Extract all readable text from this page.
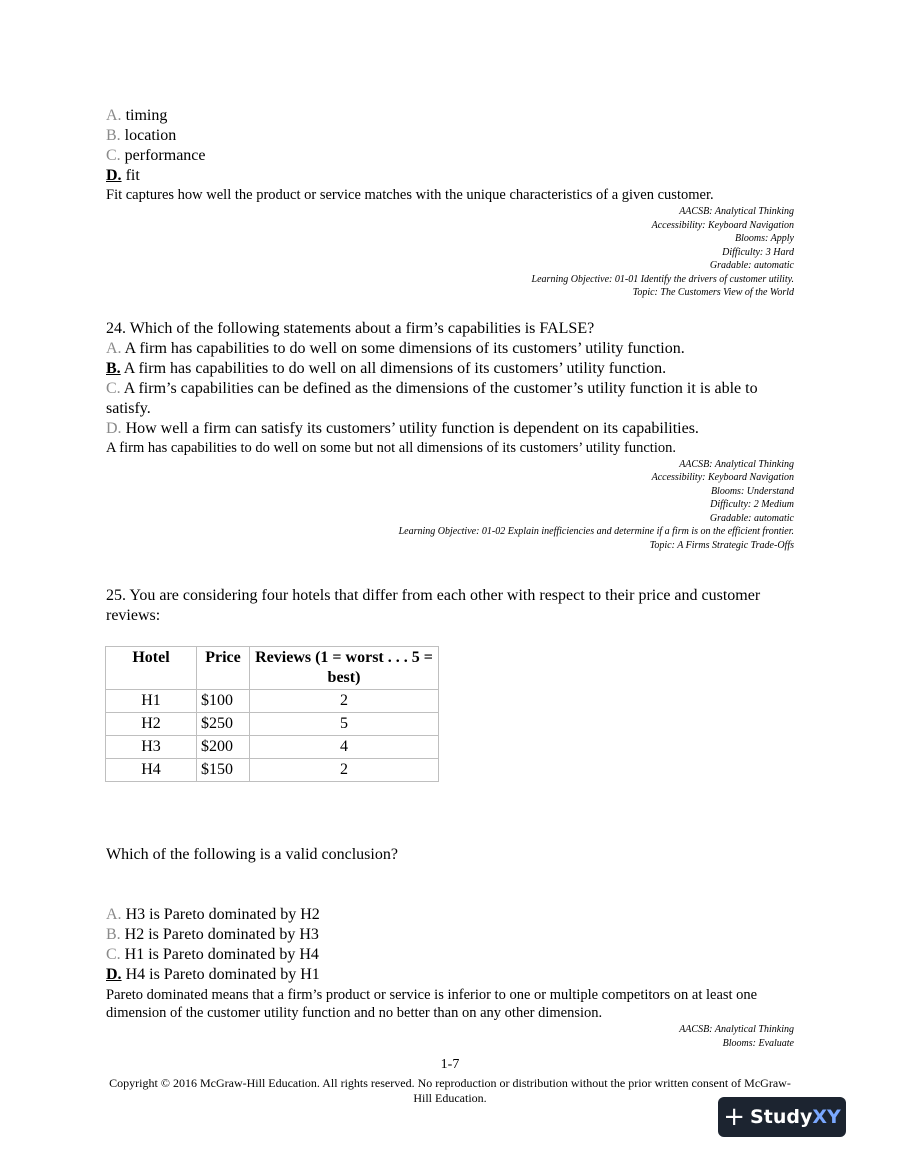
A. timing
B. location
C. performance
D. fit
Fit captures how well the product or service matches with the unique characteristics of a given customer.
AACSB: Analytical Thinking
Accessibility: Keyboard Navigation
Blooms: Apply
Difficulty: 3 Hard
Gradable: automatic
Learning Objective: 01-01 Identify the drivers of customer utility.
Topic: The Customers View of the World
24. Which of the following statements about a firm’s capabilities is FALSE?
A. A firm has capabilities to do well on some dimensions of its customers’ utility function.
B. A firm has capabilities to do well on all dimensions of its customers’ utility function.
C. A firm’s capabilities can be defined as the dimensions of the customer’s utility function it is able to satisfy.
D. How well a firm can satisfy its customers’ utility function is dependent on its capabilities.
A firm has capabilities to do well on some but not all dimensions of its customers’ utility function.
AACSB: Analytical Thinking
Accessibility: Keyboard Navigation
Blooms: Understand
Difficulty: 2 Medium
Gradable: automatic
Learning Objective: 01-02 Explain inefficiencies and determine if a firm is on the efficient frontier.
Topic: A Firms Strategic Trade-Offs
25. You are considering four hotels that differ from each other with respect to their price and customer reviews:
Hotel	Price	Reviews (1 = worst . . . 5 = best)
H1	$100	2
H2	$250	5
H3	$200	4
H4	$150	2
Which of the following is a valid conclusion?
A. H3 is Pareto dominated by H2
B. H2 is Pareto dominated by H3
C. H1 is Pareto dominated by H4
D. H4 is Pareto dominated by H1
Pareto dominated means that a firm’s product or service is inferior to one or multiple competitors on at least one dimension of the customer utility function and no better than on any other dimension.
AACSB: Analytical Thinking
Blooms: Evaluate
1-7
Copyright © 2016 McGraw-Hill Education. All rights reserved. No reproduction or distribution without the prior written consent of McGraw-Hill Education.
+ Study XY
